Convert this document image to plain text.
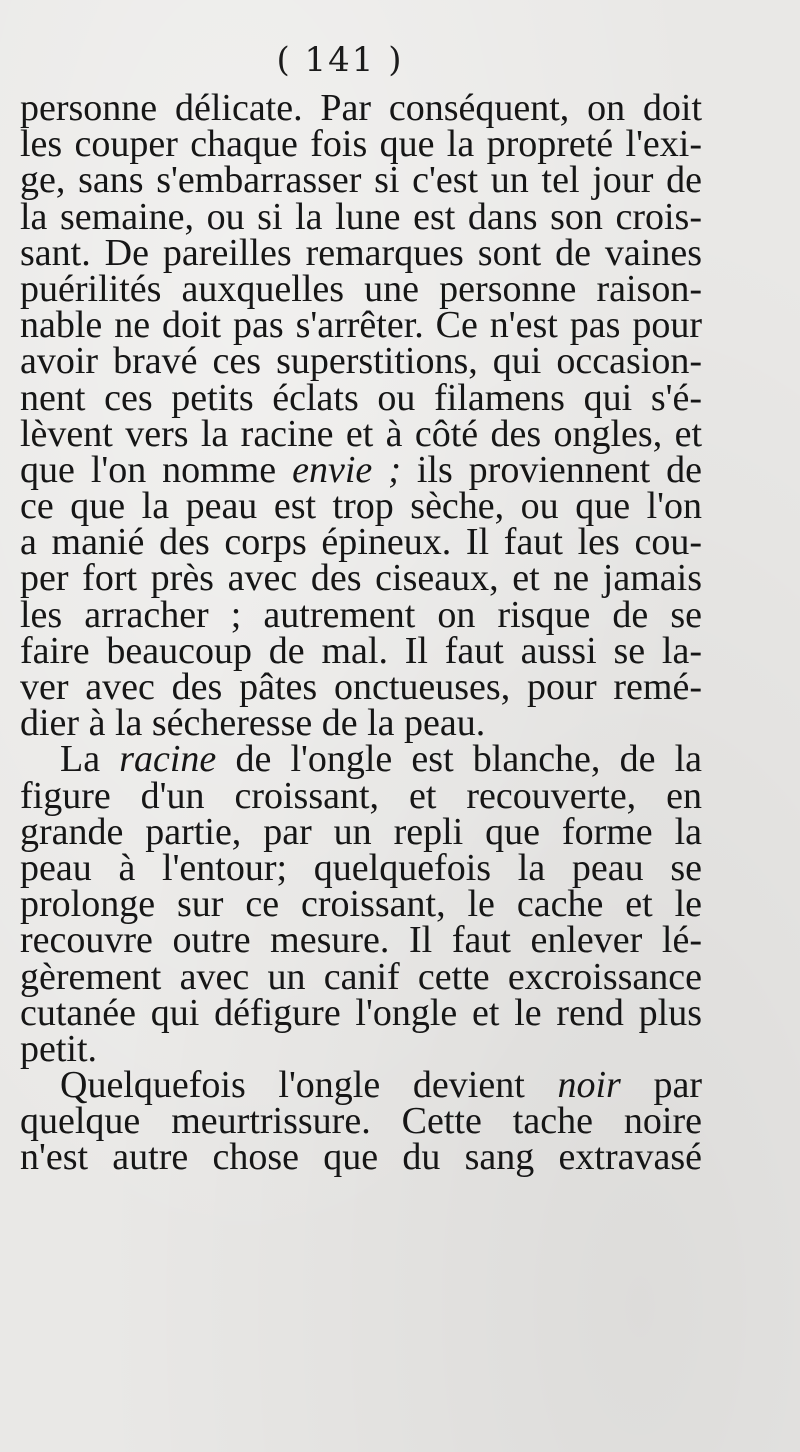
( 141 )
personne délicate. Par conséquent, on doit
les couper chaque fois que la propreté l'exi-
ge, sans s'embarrasser si c'est un tel jour de
la semaine, ou si la lune est dans son crois-
sant. De pareilles remarques sont de vaines
puérilités auxquelles une personne raison-
nable ne doit pas s'arrêter. Ce n'est pas pour
avoir bravé ces superstitions, qui occasion-
nent ces petits éclats ou filamens qui s'é-
lèvent vers la racine et à côté des ongles, et
que l'on nomme envie ; ils proviennent de
ce que la peau est trop sèche, ou que l'on
a manié des corps épineux. Il faut les cou-
per fort près avec des ciseaux, et ne jamais
les arracher ; autrement on risque de se
faire beaucoup de mal. Il faut aussi se la-
ver avec des pâtes onctueuses, pour remé-
dier à la sécheresse de la peau.
La racine de l'ongle est blanche, de la
figure d'un croissant, et recouverte, en
grande partie, par un repli que forme la
peau à l'entour; quelquefois la peau se
prolonge sur ce croissant, le cache et le
recouvre outre mesure. Il faut enlever lé-
gèrement avec un canif cette excroissance
cutanée qui défigure l'ongle et le rend plus
petit.
Quelquefois l'ongle devient noir par
quelque meurtrissure. Cette tache noire
n'est autre chose que du sang extravasé
